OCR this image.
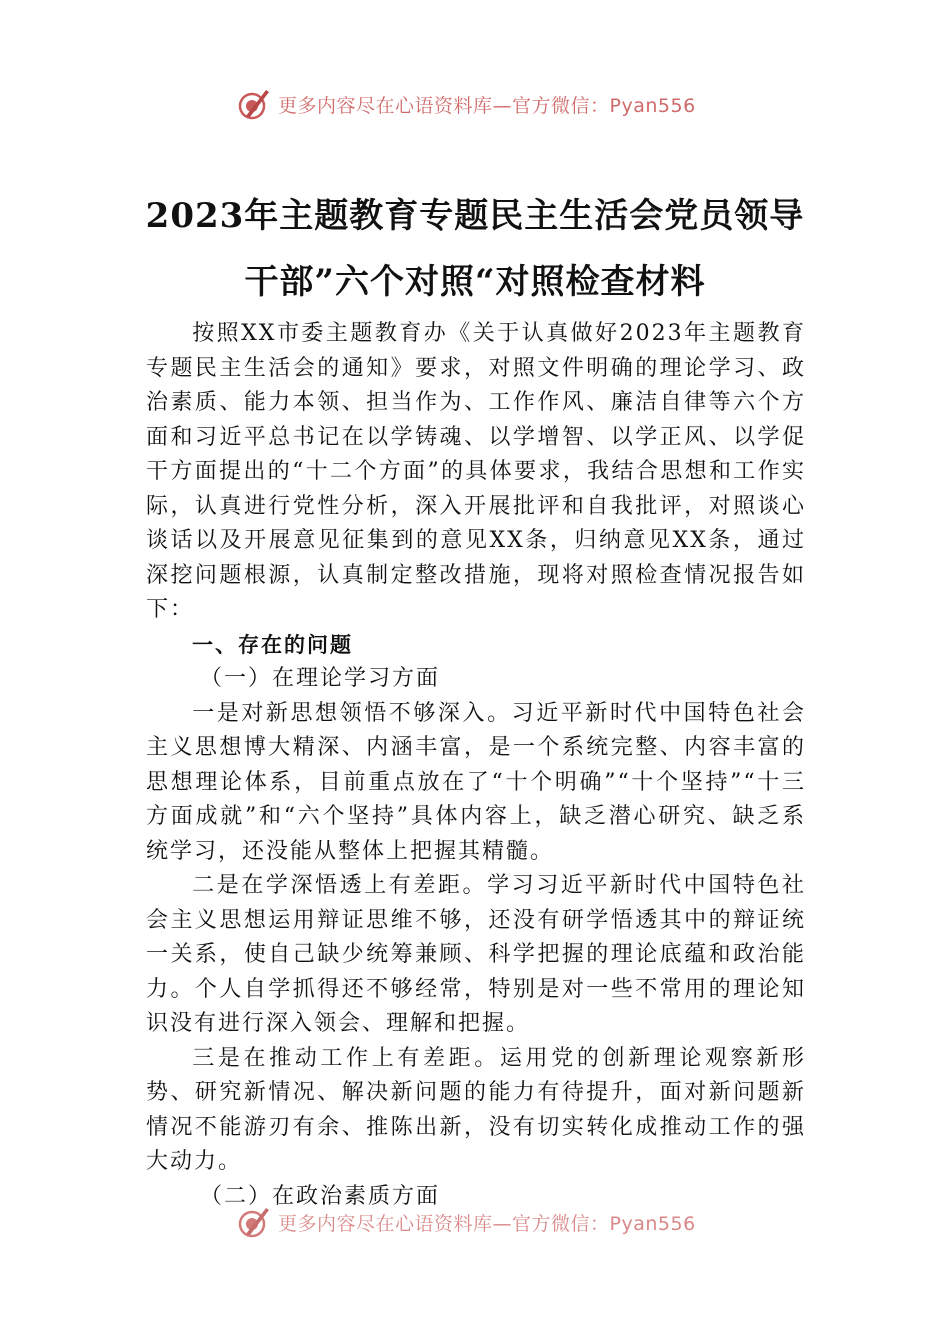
更多内容尽在心语资料库—官方微信：Pyan556
2023年主题教育专题民主生活会党员领导
干部”六个对照“对照检查材料

按照XX市委主题教育办《关于认真做好2023年主题教育专题民主生活会的通知》要求，对照文件明确的理论学习、政治素质、能力本领、担当作为、工作作风、廉洁自律等六个方面和习近平总书记在以学铸魂、以学增智、以学正风、以学促干方面提出的“十二个方面”的具体要求，我结合思想和工作实际，认真进行党性分析，深入开展批评和自我批评，对照谈心谈话以及开展意见征集到的意见XX条，归纳意见XX条，通过深挖问题根源，认真制定整改措施，现将对照检查情况报告如下：

一、存在的问题

（一）在理论学习方面

一是对新思想领悟不够深入。习近平新时代中国特色社会主义思想博大精深、内涵丰富，是一个系统完整、内容丰富的思想理论体系，目前重点放在了“十个明确”“十个坚持”“十三方面成就”和“六个坚持”具体内容上，缺乏潜心研究、缺乏系统学习，还没能从整体上把握其精髓。

二是在学深悟透上有差距。学习习近平新时代中国特色社会主义思想运用辩证思维不够，还没有研学悟透其中的辩证统一关系，使自己缺少统筹兼顾、科学把握的理论底蕴和政治能力。个人自学抓得还不够经常，特别是对一些不常用的理论知识没有进行深入领会、理解和把握。

三是在推动工作上有差距。运用党的创新理论观察新形势、研究新情况、解决新问题的能力有待提升，面对新问题新情况不能游刃有余、推陈出新，没有切实转化成推动工作的强大动力。

（二）在政治素质方面

更多内容尽在心语资料库—官方微信：Pyan556
